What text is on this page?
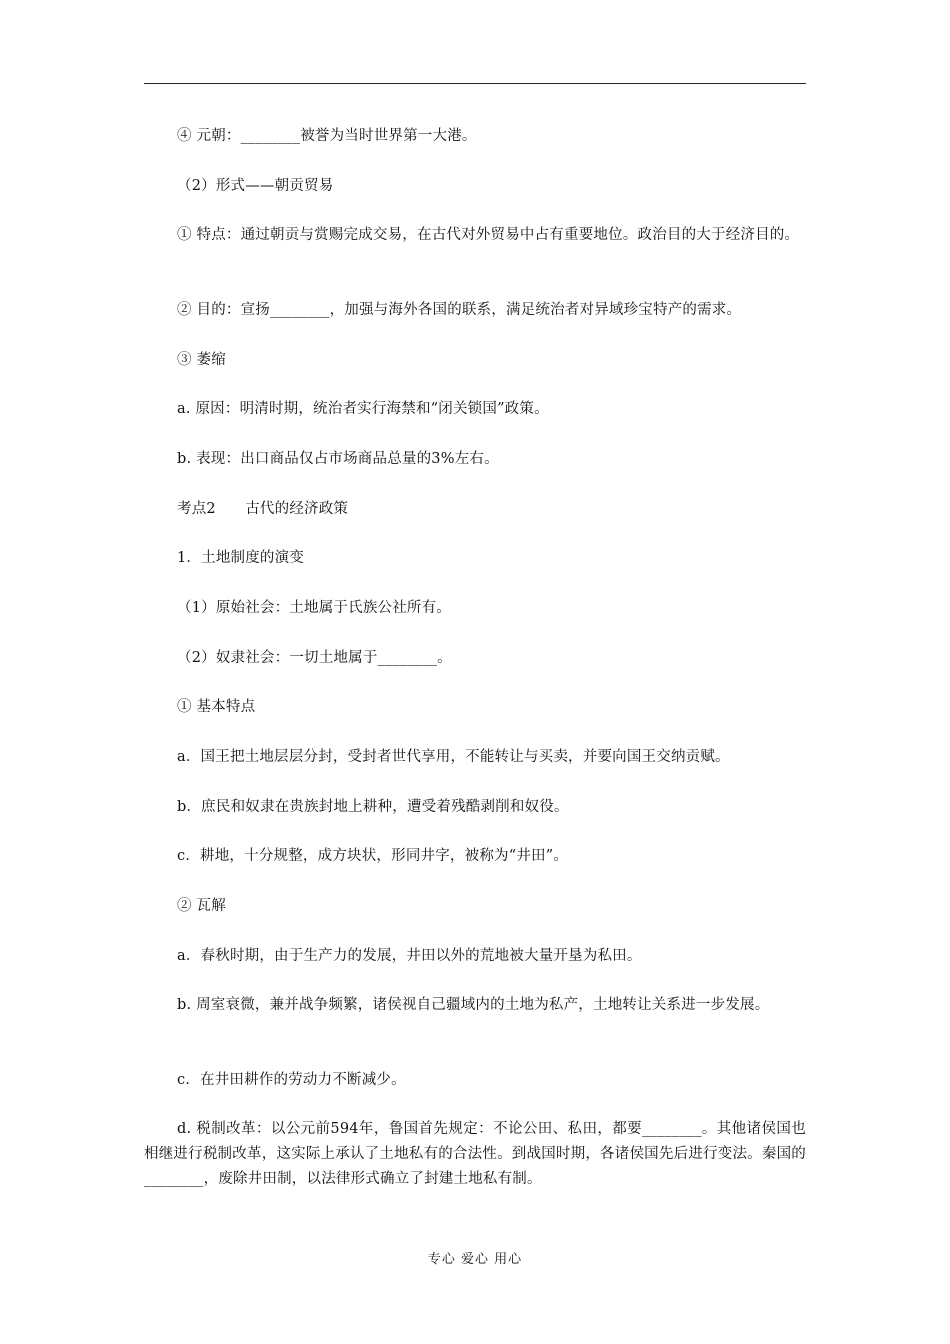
④ 元朝：________被誉为当时世界第一大港。
（2）形式——朝贡贸易
① 特点：通过朝贡与赏赐完成交易，在古代对外贸易中占有重要地位。政治目的大于经济目的。
② 目的：宣扬________，加强与海外各国的联系，满足统治者对异域珍宝特产的需求。
③ 萎缩
a. 原因：明清时期，统治者实行海禁和“闭关锁国”政策。
b. 表现：出口商品仅占市场商品总量的3%左右。
考点2　　古代的经济政策
1．土地制度的演变
（1）原始社会：土地属于氏族公社所有。
（2）奴隶社会：一切土地属于________。
① 基本特点
a．国王把土地层层分封，受封者世代享用，不能转让与买卖，并要向国王交纳贡赋。
b．庶民和奴隶在贵族封地上耕种，遭受着残酷剥削和奴役。
c．耕地，十分规整，成方块状，形同井字，被称为“井田”。
② 瓦解
a．春秋时期，由于生产力的发展，井田以外的荒地被大量开垦为私田。
b. 周室衰微，兼并战争频繁，诸侯视自己疆域内的土地为私产，土地转让关系进一步发展。
c．在井田耕作的劳动力不断减少。
d. 税制改革：以公元前594年，鲁国首先规定：不论公田、私田，都要________。其他诸侯国也相继进行税制改革，这实际上承认了土地私有的合法性。到战国时期，各诸侯国先后进行变法。秦国的________，废除井田制，以法律形式确立了封建土地私有制。
专心 爱心 用心
